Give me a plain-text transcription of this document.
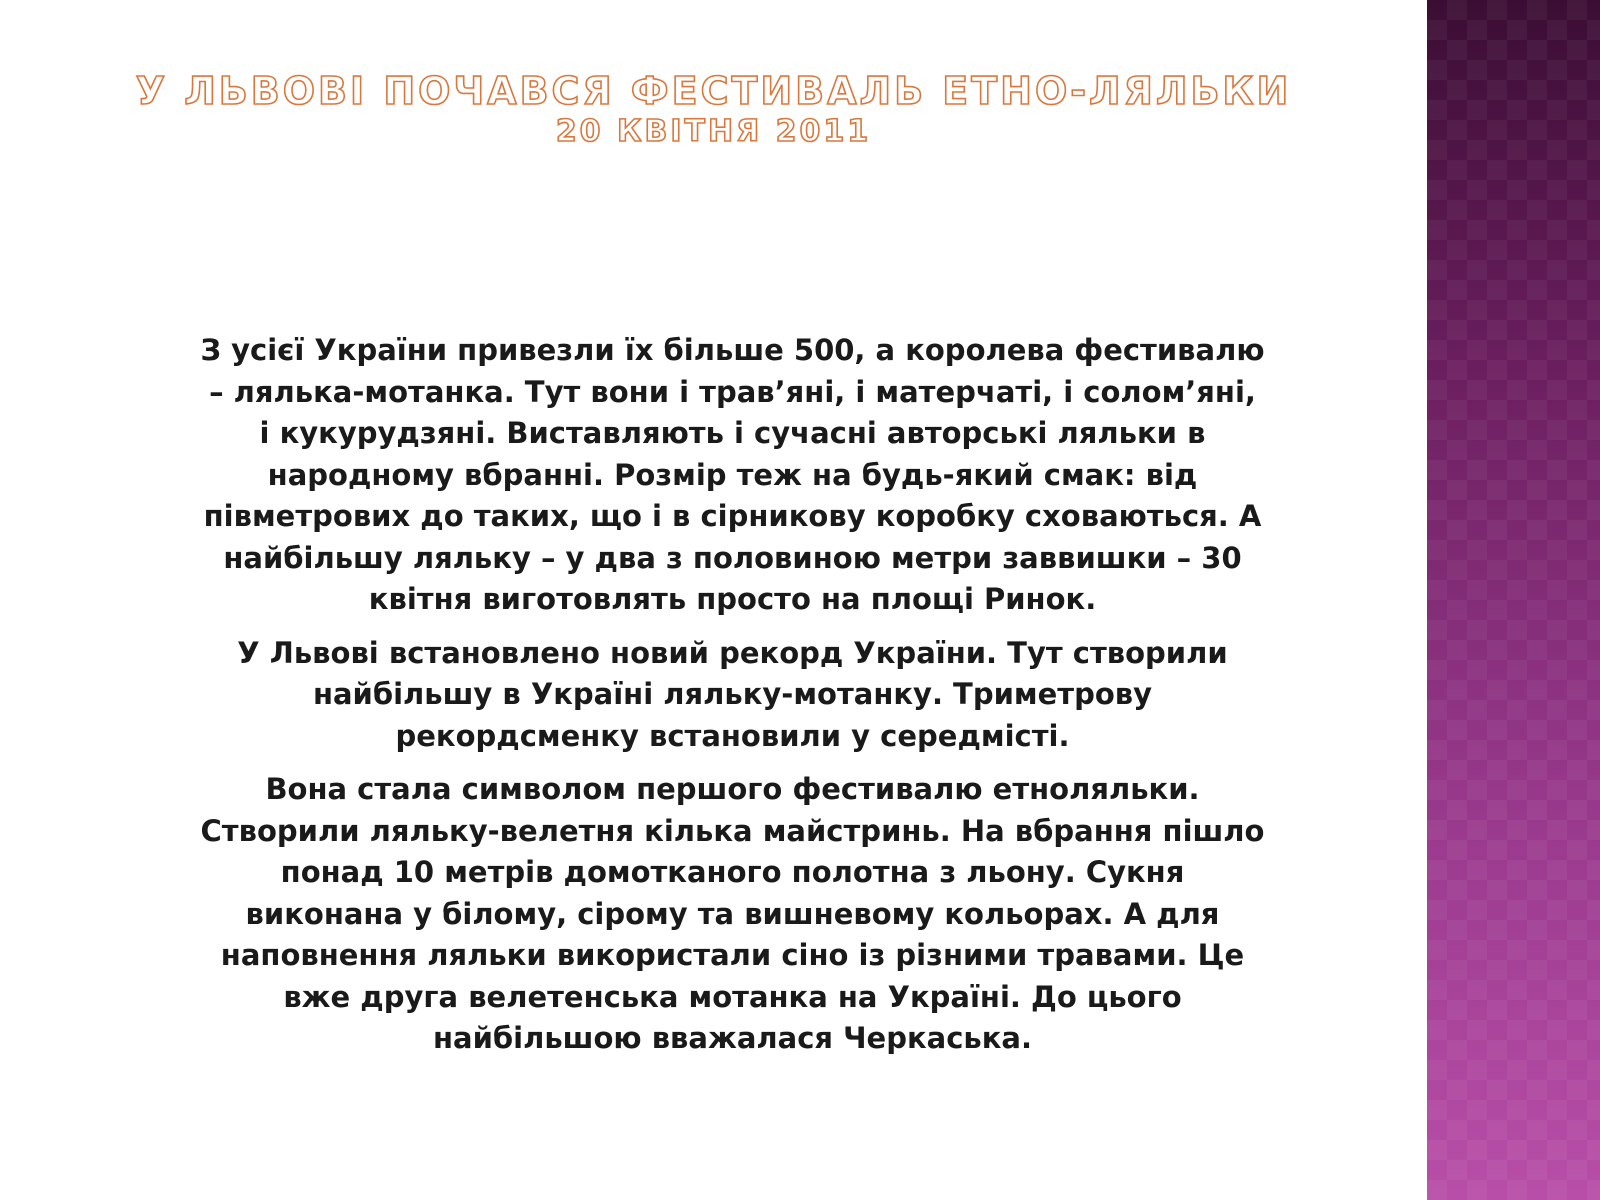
У ЛЬВОВІ ПОЧАВСЯ ФЕСТИВАЛЬ ЕТНО-ЛЯЛЬКИ
20 КВІТНЯ 2011

З усієї України привезли їх більше 500, а королева фестивалю – лялька-мотанка. Тут вони і трав’яні, і матерчаті, і солом’яні, і кукурудзяні. Виставляють і сучасні авторські ляльки в народному вбранні. Розмір теж на будь-який смак: від півметрових до таких, що і в сірникову коробку сховаються. А найбільшу ляльку – у два з половиною метри заввишки – 30 квітня виготовлять просто на площі Ринок.

У Львові встановлено новий рекорд України. Тут створили найбільшу в Україні ляльку-мотанку. Триметрову рекордсменку встановили у середмісті.

Вона стала символом першого фестивалю етноляльки. Створили ляльку-велетня кілька майстринь. На вбрання пішло понад 10 метрів домотканого полотна з льону. Сукня виконана у білому, сірому та вишневому кольорах. А для наповнення ляльки використали сіно із різними травами. Це вже друга велетенська мотанка на Україні. До цього найбільшою вважалася Черкаська.
